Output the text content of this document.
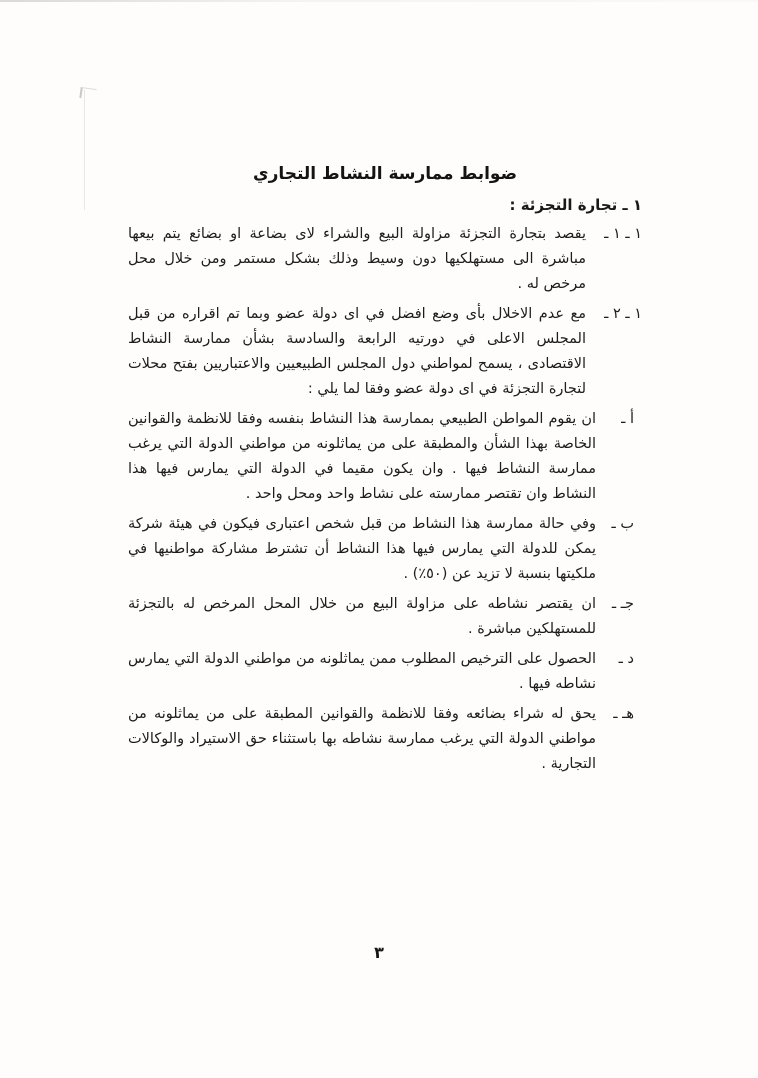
ضوابط ممارسة النشاط التجاري
١ ـ تجارة التجزئة :
١ ـ ١ ـ
يقصد بتجارة التجزئة مزاولة البيع والشراء لاى بضاعة او بضائع يتم بيعها مباشرة الى مستهلكيها دون وسيط وذلك بشكل مستمر ومن خلال محل مرخص له .
١ ـ ٢ ـ
مع عدم الاخلال بأى وضع افضل في اى دولة عضو وبما تم اقراره من قبل المجلس الاعلى في دورتيه الرابعة والسادسة بشأن ممارسة النشاط الاقتصادى ، يسمح لمواطني دول المجلس الطبيعيين والاعتباريين بفتح محلات لتجارة التجزئة في اى دولة عضو وفقا لما يلي :
أ ـ
ان يقوم المواطن الطبيعي بممارسة هذا النشاط بنفسه وفقا للانظمة والقوانين الخاصة بهذا الشأن والمطبقة على من يماثلونه من مواطني الدولة التي يرغب ممارسة النشاط فيها . وان يكون مقيما في الدولة التي يمارس فيها هذا النشاط وان تقتصر ممارسته على نشاط واحد ومحل واحد .
ب ـ
وفي حالة ممارسة هذا النشاط من قبل شخص اعتبارى فيكون في هيئة شركة يمكن للدولة التي يمارس فيها هذا النشاط أن تشترط مشاركة مواطنيها في ملكيتها بنسبة لا تزيد عن (٥٠٪) .
جـ ـ
ان يقتصر نشاطه على مزاولة البيع من خلال المحل المرخص له بالتجزئة للمستهلكين مباشرة .
د ـ
الحصول على الترخيص المطلوب ممن يماثلونه من مواطني الدولة التي يمارس نشاطه فيها .
هـ ـ
يحق له شراء بضائعه وفقا للانظمة والقوانين المطبقة على من يماثلونه من مواطني الدولة التي يرغب ممارسة نشاطه بها باستثناء حق الاستيراد والوكالات التجارية .
٣
